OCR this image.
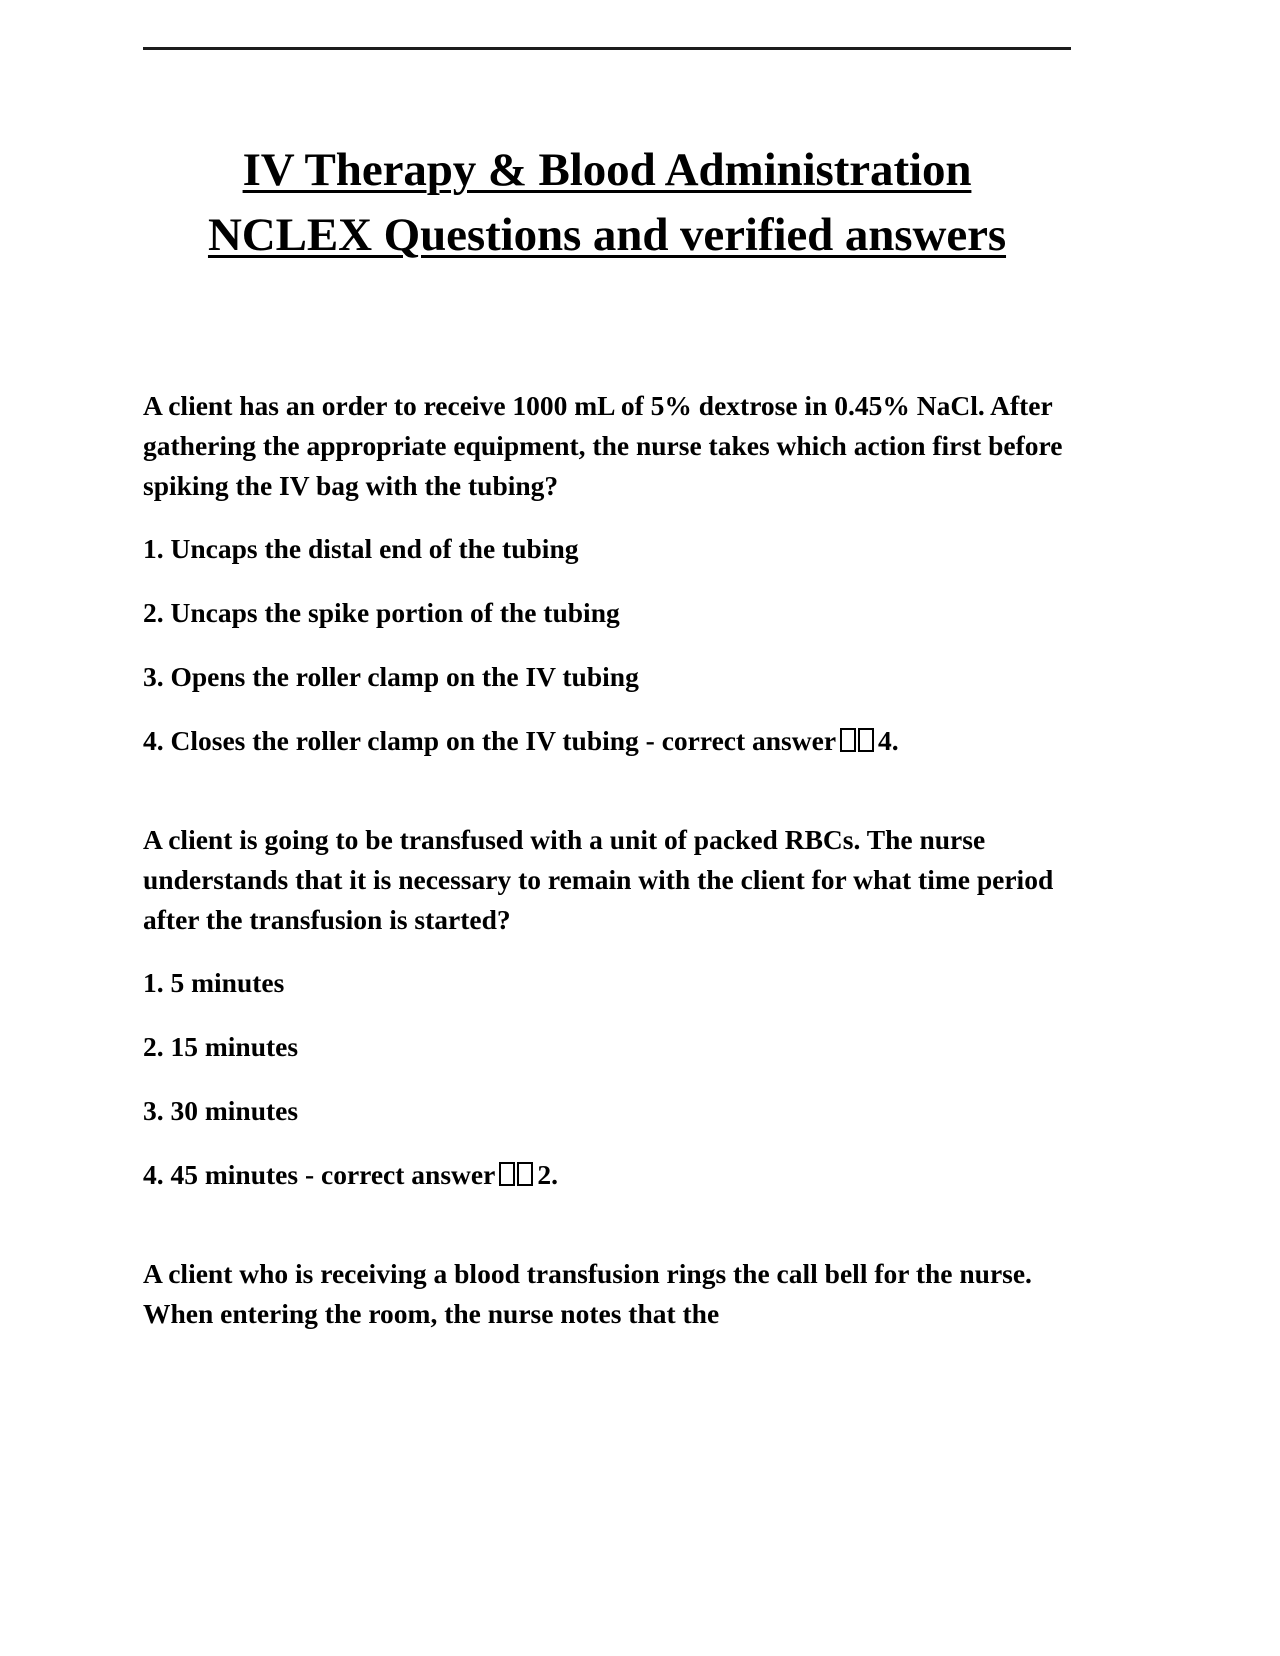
IV Therapy & Blood Administration
NCLEX Questions and verified answers

A client has an order to receive 1000 mL of 5% dextrose in 0.45% NaCl. After gathering the appropriate equipment, the nurse takes which action first before spiking the IV bag with the tubing?

1. Uncaps the distal end of the tubing

2. Uncaps the spike portion of the tubing

3. Opens the roller clamp on the IV tubing

4. Closes the roller clamp on the IV tubing - correct answer 4.

A client is going to be transfused with a unit of packed RBCs. The nurse understands that it is necessary to remain with the client for what time period after the transfusion is started?

1. 5 minutes

2. 15 minutes

3. 30 minutes

4. 45 minutes - correct answer 2.

A client who is receiving a blood transfusion rings the call bell for the nurse. When entering the room, the nurse notes that the
